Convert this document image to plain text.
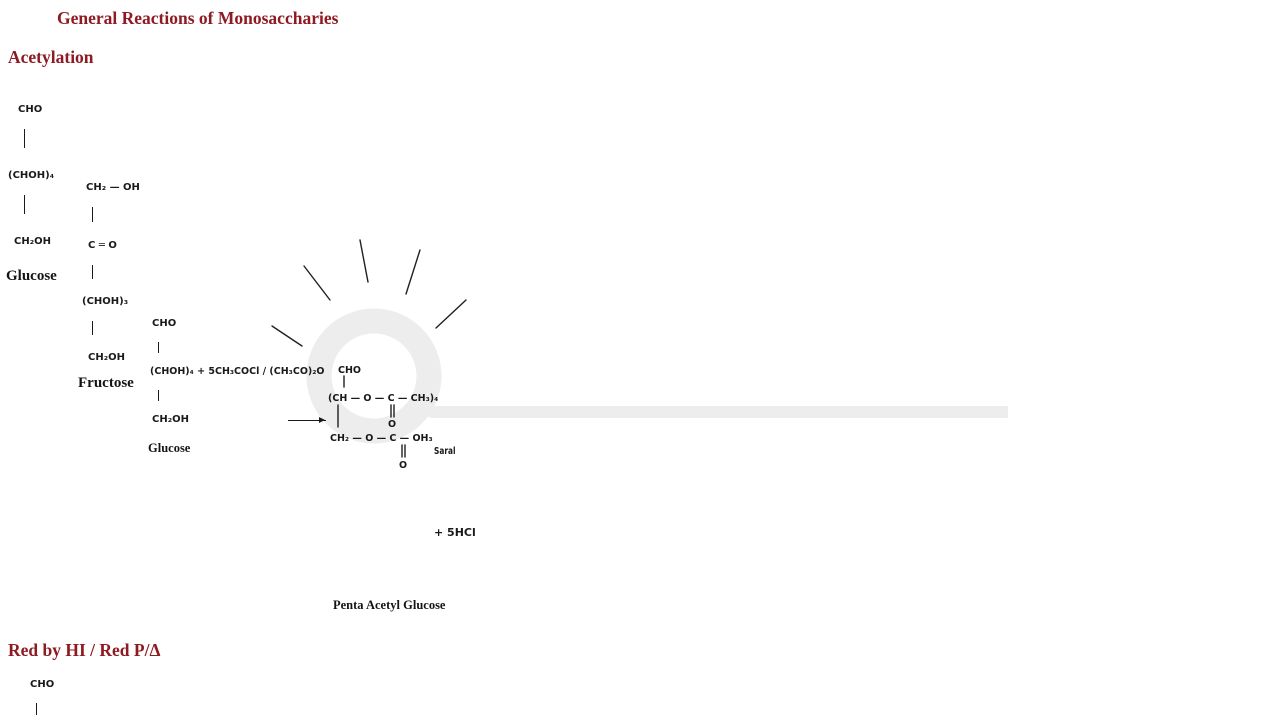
Saral
General Reactions of Monosaccharies
Acetylation
CHO
(CHOH)₄
CH₂OH
Glucose
CH₂ — OH
C ═ O
(CHOH)₃
CH₂OH
Fructose
CHO
(CHOH)₄ + 5CH₃COCl / (CH₃CO)₂O
CH₂OH
Glucose
CHO
(CH — O — C — CH₃)₄
O
CH₂ — O — C — OH₃
O
+ 5HCl
Penta Acetyl Glucose
Red by HI / Red P/Δ
CHO
